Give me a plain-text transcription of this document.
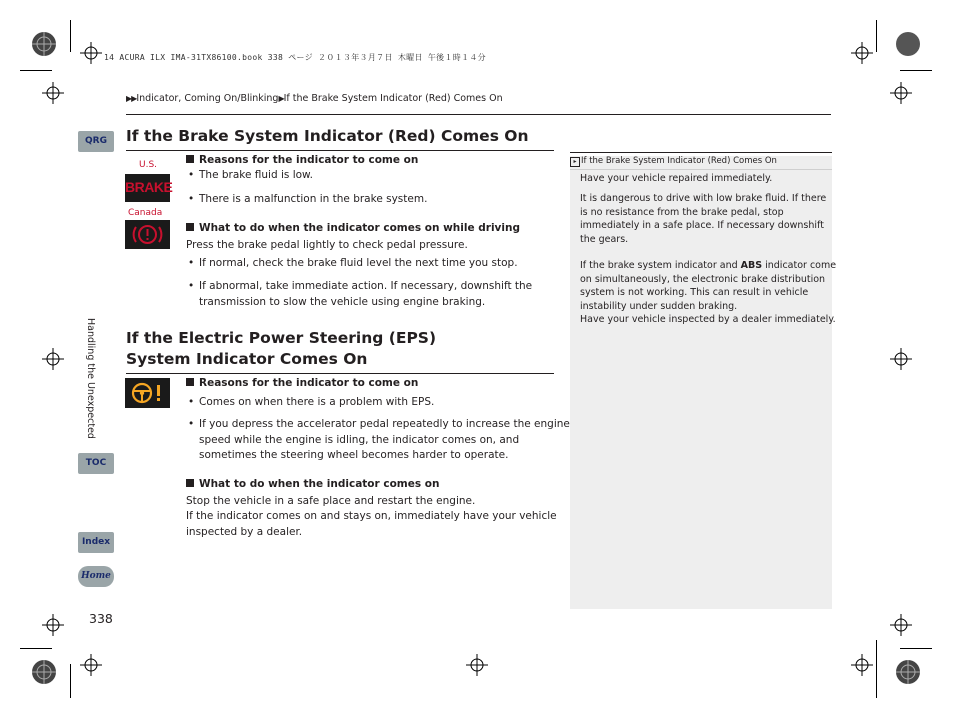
14 ACURA ILX IMA-31TX86100.book 338 ページ ２０１３年３月７日 木曜日 午後１時１４分
▶▶Indicator, Coming On/Blinking▶If the Brake System Indicator (Red) Comes On
QRG
Handling the Unexpected
TOC
Index
Home
338
If the Brake System Indicator (Red) Comes On
U.S.
BRAKE
Canada
Reasons for the indicator to come on
• The brake fluid is low.
• There is a malfunction in the brake system.
What to do when the indicator comes on while driving
Press the brake pedal lightly to check pedal pressure.
• If normal, check the brake fluid level the next time you stop.
• If abnormal, take immediate action. If necessary, downshift the
transmission to slow the vehicle using engine braking.
If the Electric Power Steering (EPS)
System Indicator Comes On
Reasons for the indicator to come on
• Comes on when there is a problem with EPS.
• If you depress the accelerator pedal repeatedly to increase the engine
speed while the engine is idling, the indicator comes on, and
sometimes the steering wheel becomes harder to operate.
What to do when the indicator comes on
Stop the vehicle in a safe place and restart the engine.
If the indicator comes on and stays on, immediately have your vehicle
inspected by a dealer.
▸ If the Brake System Indicator (Red) Comes On
Have your vehicle repaired immediately.
It is dangerous to drive with low brake fluid. If there
is no resistance from the brake pedal, stop
immediately in a safe place. If necessary downshift
the gears.
If the brake system indicator and ABS indicator come
on simultaneously, the electronic brake distribution
system is not working. This can result in vehicle
instability under sudden braking.
Have your vehicle inspected by a dealer immediately.
